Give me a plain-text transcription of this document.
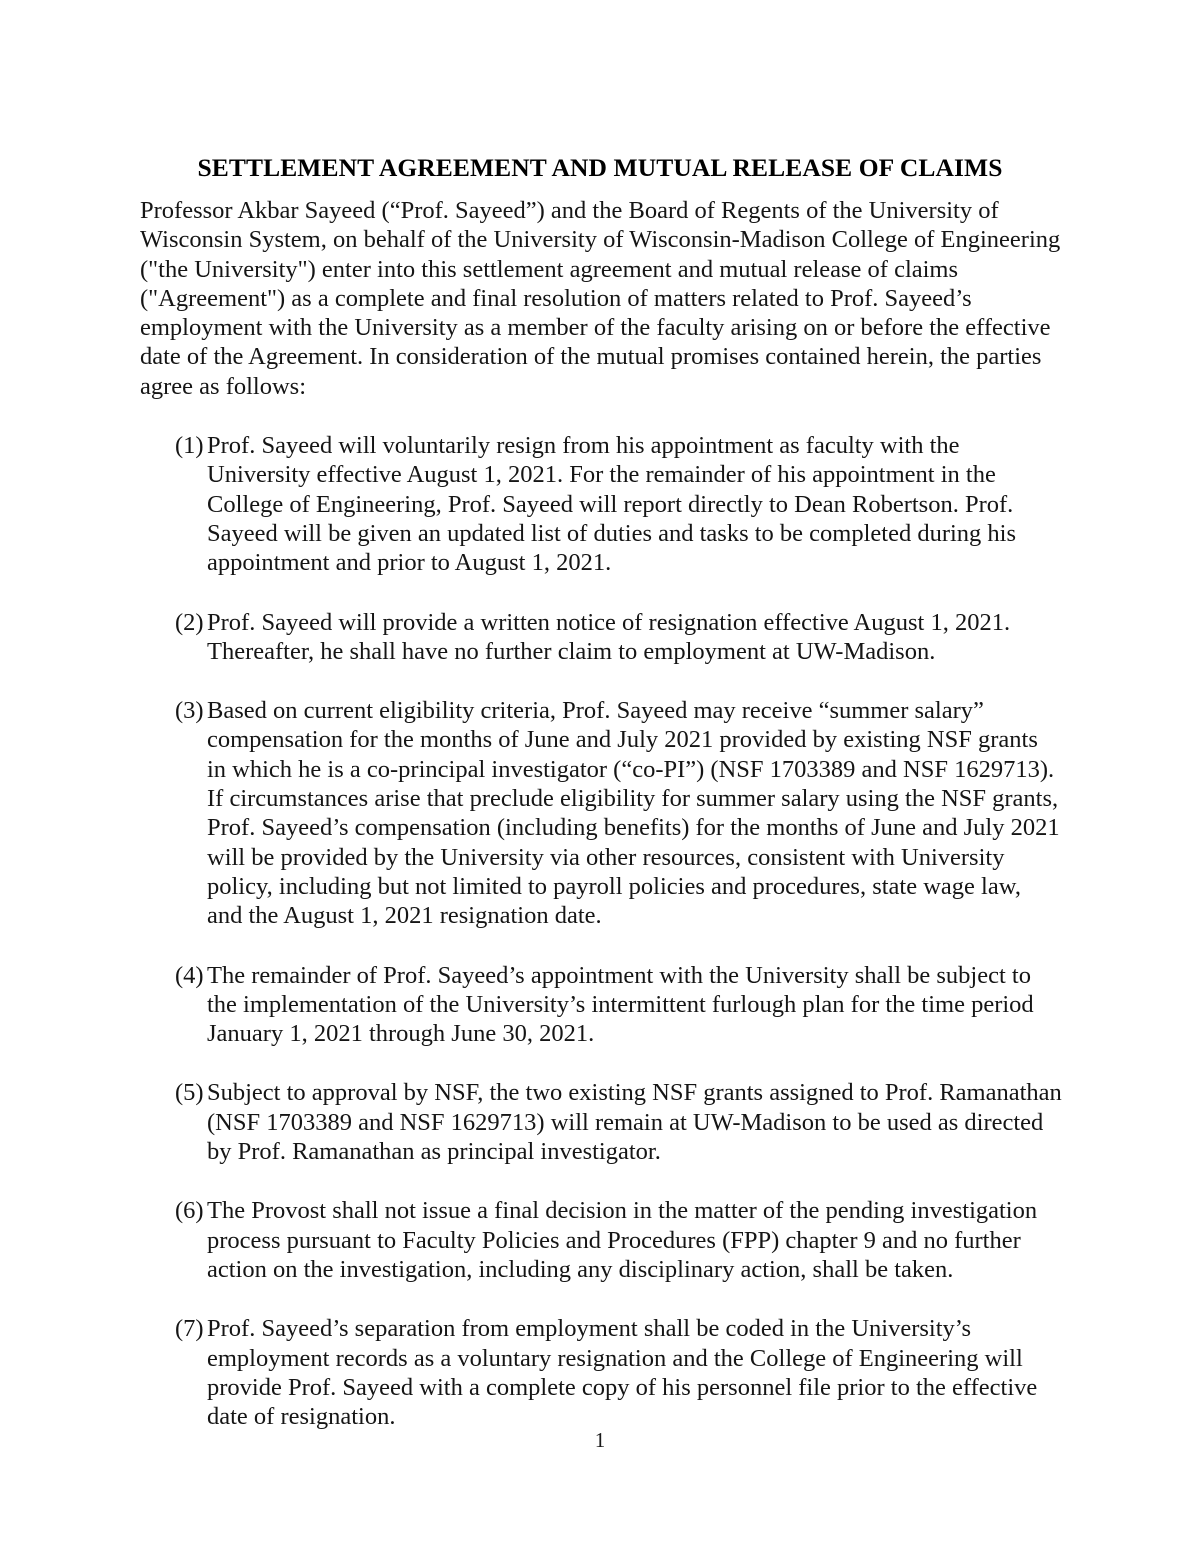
SETTLEMENT AGREEMENT AND MUTUAL RELEASE OF CLAIMS

Professor Akbar Sayeed (“Prof. Sayeed”) and the Board of Regents of the University of Wisconsin System, on behalf of the University of Wisconsin-Madison College of Engineering ("the University") enter into this settlement agreement and mutual release of claims ("Agreement") as a complete and final resolution of matters related to Prof. Sayeed’s employment with the University as a member of the faculty arising on or before the effective date of the Agreement. In consideration of the mutual promises contained herein, the parties agree as follows:

(1) Prof. Sayeed will voluntarily resign from his appointment as faculty with the University effective August 1, 2021. For the remainder of his appointment in the College of Engineering, Prof. Sayeed will report directly to Dean Robertson. Prof. Sayeed will be given an updated list of duties and tasks to be completed during his appointment and prior to August 1, 2021.
(2) Prof. Sayeed will provide a written notice of resignation effective August 1, 2021. Thereafter, he shall have no further claim to employment at UW-Madison.
(3) Based on current eligibility criteria, Prof. Sayeed may receive “summer salary” compensation for the months of June and July 2021 provided by existing NSF grants in which he is a co-principal investigator (“co-PI”) (NSF 1703389 and NSF 1629713). If circumstances arise that preclude eligibility for summer salary using the NSF grants, Prof. Sayeed’s compensation (including benefits) for the months of June and July 2021 will be provided by the University via other resources, consistent with University policy, including but not limited to payroll policies and procedures, state wage law, and the August 1, 2021 resignation date.
(4) The remainder of Prof. Sayeed’s appointment with the University shall be subject to the implementation of the University’s intermittent furlough plan for the time period January 1, 2021 through June 30, 2021.
(5) Subject to approval by NSF, the two existing NSF grants assigned to Prof. Ramanathan (NSF 1703389 and NSF 1629713) will remain at UW-Madison to be used as directed by Prof. Ramanathan as principal investigator.
(6) The Provost shall not issue a final decision in the matter of the pending investigation process pursuant to Faculty Policies and Procedures (FPP) chapter 9 and no further action on the investigation, including any disciplinary action, shall be taken.
(7) Prof. Sayeed’s separation from employment shall be coded in the University’s employment records as a voluntary resignation and the College of Engineering will provide Prof. Sayeed with a complete copy of his personnel file prior to the effective date of resignation.
1
